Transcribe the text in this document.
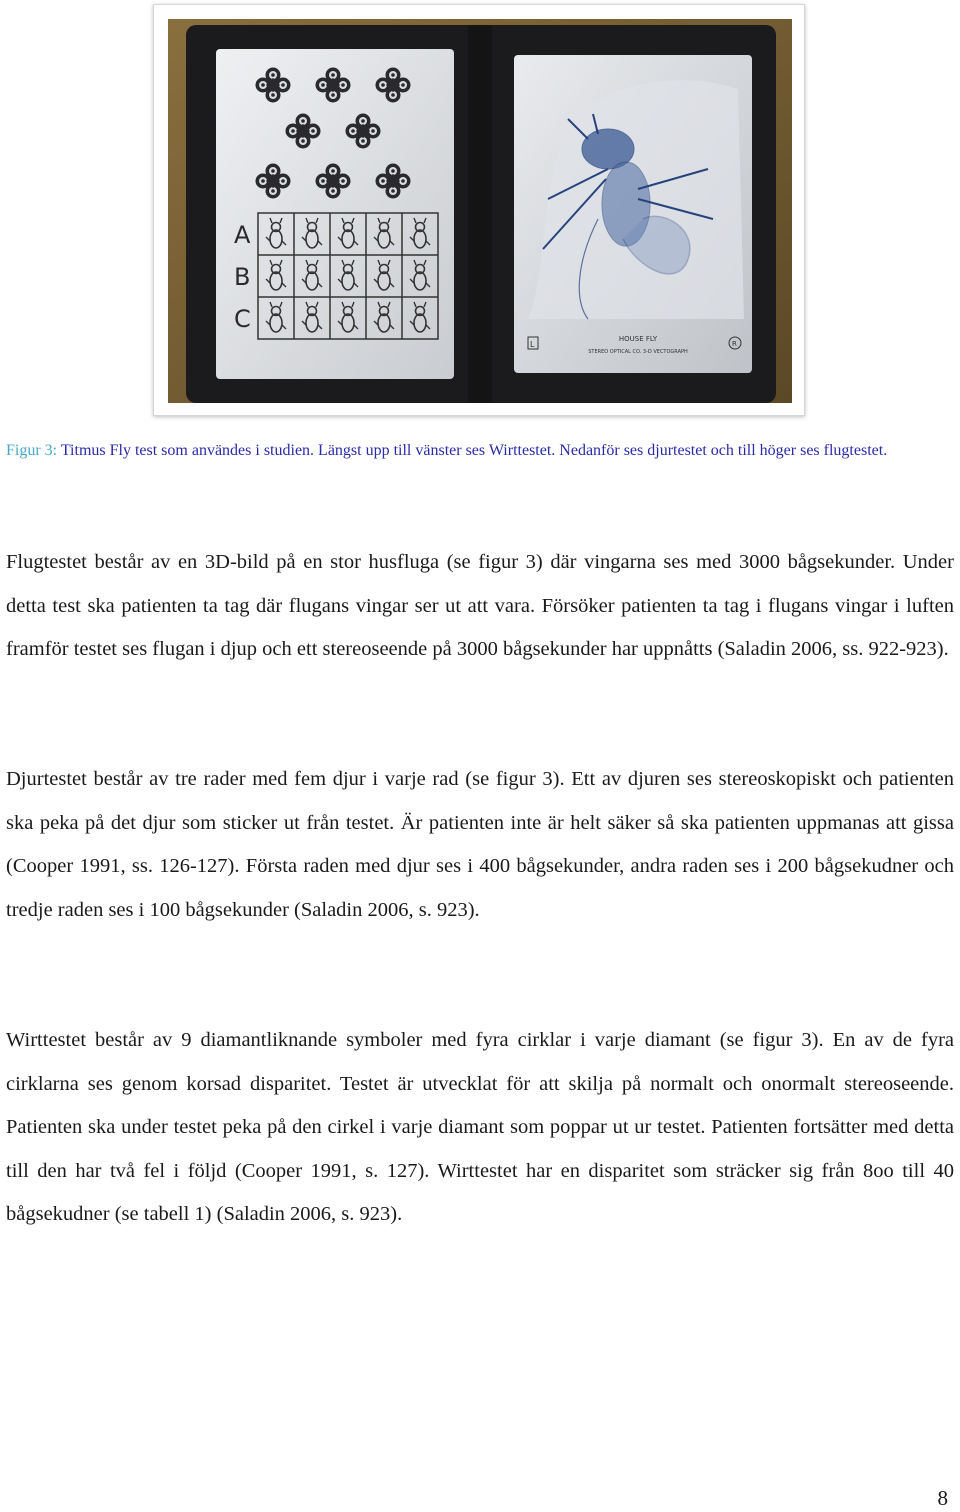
A
B
C
L	R
HOUSE FLY
STEREO OPTICAL CO. 3-D VECTOGRAPH

Figur 3: Titmus Fly test som användes i studien. Längst upp till vänster ses Wirttestet. Nedanför ses djurtestet och till höger ses flugtestet.

Flugtestet består av en 3D-bild på en stor husfluga (se figur 3) där vingarna ses med 3000 bågsekunder. Under detta test ska patienten ta tag där flugans vingar ser ut att vara. Försöker patienten ta tag i flugans vingar i luften framför testet ses flugan i djup och ett stereoseende på 3000 bågsekunder har uppnåtts (Saladin 2006, ss. 922-923).

Djurtestet består av tre rader med fem djur i varje rad (se figur 3). Ett av djuren ses stereoskopiskt och patienten ska peka på det djur som sticker ut från testet. Är patienten inte är helt säker så ska patienten uppmanas att gissa (Cooper 1991, ss. 126-127). Första raden med djur ses i 400 bågsekunder, andra raden ses i 200 bågsekudner och tredje raden ses i 100 bågsekunder (Saladin 2006, s. 923).

Wirttestet består av 9 diamantliknande symboler med fyra cirklar i varje diamant (se figur 3). En av de fyra cirklarna ses genom korsad disparitet. Testet är utvecklat för att skilja på normalt och onormalt stereoseende. Patienten ska under testet peka på den cirkel i varje diamant som poppar ut ur testet. Patienten fortsätter med detta till den har två fel i följd (Cooper 1991, s. 127). Wirttestet har en disparitet som sträcker sig från 8oo till 40 bågsekudner (se tabell 1) (Saladin 2006, s. 923).

8
